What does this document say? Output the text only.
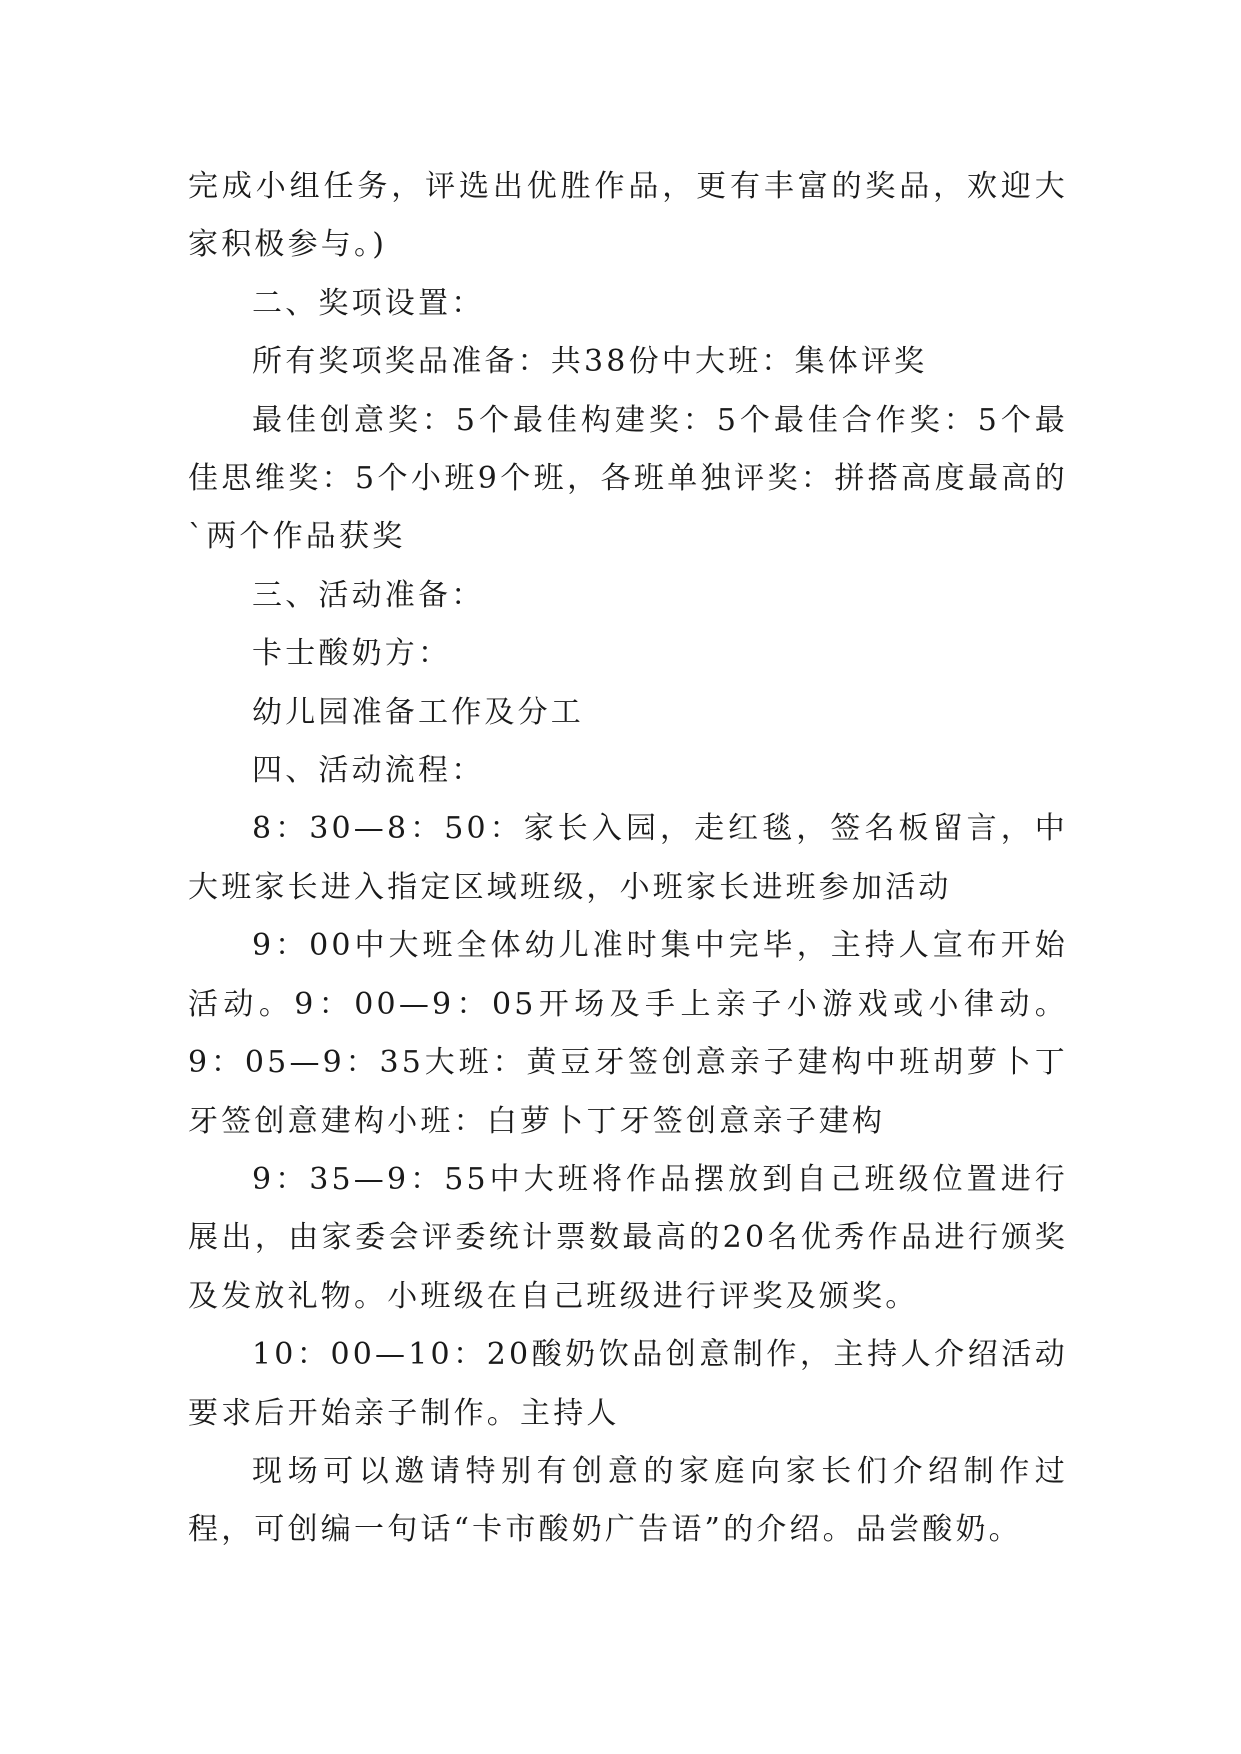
完成小组任务，评选出优胜作品，更有丰富的奖品，欢迎大家积极参与。)

二、奖项设置：

所有奖项奖品准备：共38份中大班：集体评奖

最佳创意奖：5个最佳构建奖：5个最佳合作奖：5个最佳思维奖：5个小班9个班，各班单独评奖：拼搭高度最高的`两个作品获奖

三、活动准备：

卡士酸奶方：

幼儿园准备工作及分工

四、活动流程：

8：30—8：50：家长入园，走红毯，签名板留言，中大班家长进入指定区域班级，小班家长进班参加活动

9：00中大班全体幼儿准时集中完毕，主持人宣布开始活动。9：00—9：05开场及手上亲子小游戏或小律动。9：05—9：35大班：黄豆牙签创意亲子建构中班胡萝卜丁牙签创意建构小班：白萝卜丁牙签创意亲子建构

9：35—9：55中大班将作品摆放到自己班级位置进行展出，由家委会评委统计票数最高的20名优秀作品进行颁奖及发放礼物。小班级在自己班级进行评奖及颁奖。

10：00—10：20酸奶饮品创意制作，主持人介绍活动要求后开始亲子制作。主持人

现场可以邀请特别有创意的家庭向家长们介绍制作过程，可创编一句话“卡市酸奶广告语”的介绍。品尝酸奶。
